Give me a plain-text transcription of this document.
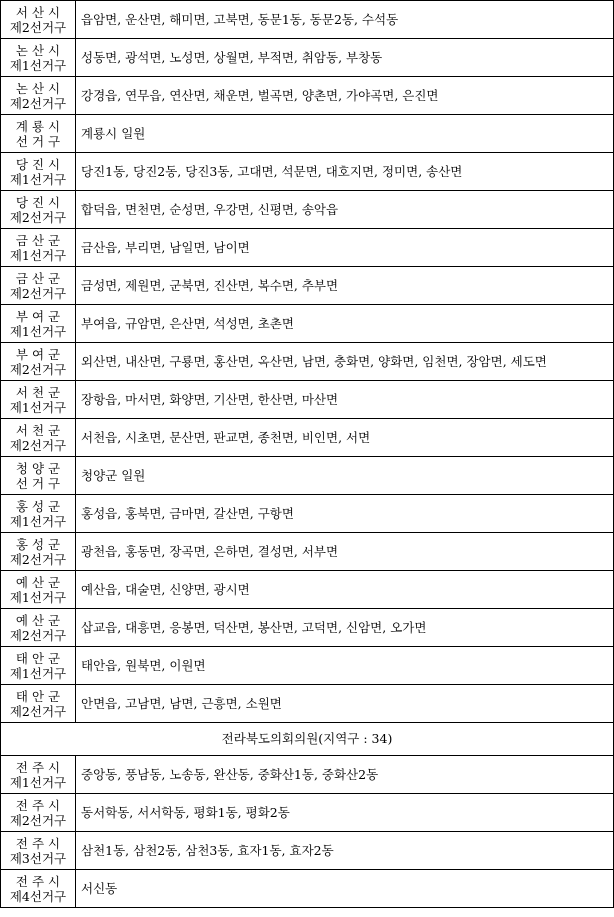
서 산 시
제2선거구	읍암면, 운산면, 해미면, 고북면, 동문1동, 동문2동, 수석동

논 산 시
제1선거구	성동면, 광석면, 노성면, 상월면, 부적면, 취암동, 부창동

논 산 시
제2선거구	강경읍, 연무읍, 연산면, 채운면, 벌곡면, 양촌면, 가야곡면, 은진면

계 룡 시
선 거 구	계룡시 일원

당 진 시
제1선거구	당진1동, 당진2동, 당진3동, 고대면, 석문면, 대호지면, 정미면, 송산면

당 진 시
제2선거구	합덕읍, 면천면, 순성면, 우강면, 신평면, 송악읍

금 산 군
제1선거구	금산읍, 부리면, 남일면, 남이면

금 산 군
제2선거구	금성면, 제원면, 군북면, 진산면, 복수면, 추부면

부 여 군
제1선거구	부여읍, 규암면, 은산면, 석성면, 초촌면

부 여 군
제2선거구	외산면, 내산면, 구룡면, 홍산면, 옥산면, 남면, 충화면, 양화면, 임천면, 장암면, 세도면

서 천 군
제1선거구	장항읍, 마서면, 화양면, 기산면, 한산면, 마산면

서 천 군
제2선거구	서천읍, 시초면, 문산면, 판교면, 종천면, 비인면, 서면

청 양 군
선 거 구	청양군 일원

홍 성 군
제1선거구	홍성읍, 홍북면, 금마면, 갈산면, 구항면

홍 성 군
제2선거구	광천읍, 홍동면, 장곡면, 은하면, 결성면, 서부면

예 산 군
제1선거구	예산읍, 대술면, 신양면, 광시면

예 산 군
제2선거구	삽교읍, 대흥면, 응봉면, 덕산면, 봉산면, 고덕면, 신암면, 오가면

태 안 군
제1선거구	태안읍, 원북면, 이원면

태 안 군
제2선거구	안면읍, 고남면, 남면, 근흥면, 소원면
전라북도의회의원(지역구 : 34)	

전 주 시
제1선거구	중앙동, 풍남동, 노송동, 완산동, 중화산1동, 중화산2동

전 주 시
제2선거구	동서학동, 서서학동, 평화1동, 평화2동

전 주 시
제3선거구	삼천1동, 삼천2동, 삼천3동, 효자1동, 효자2동

전 주 시
제4선거구	서신동
